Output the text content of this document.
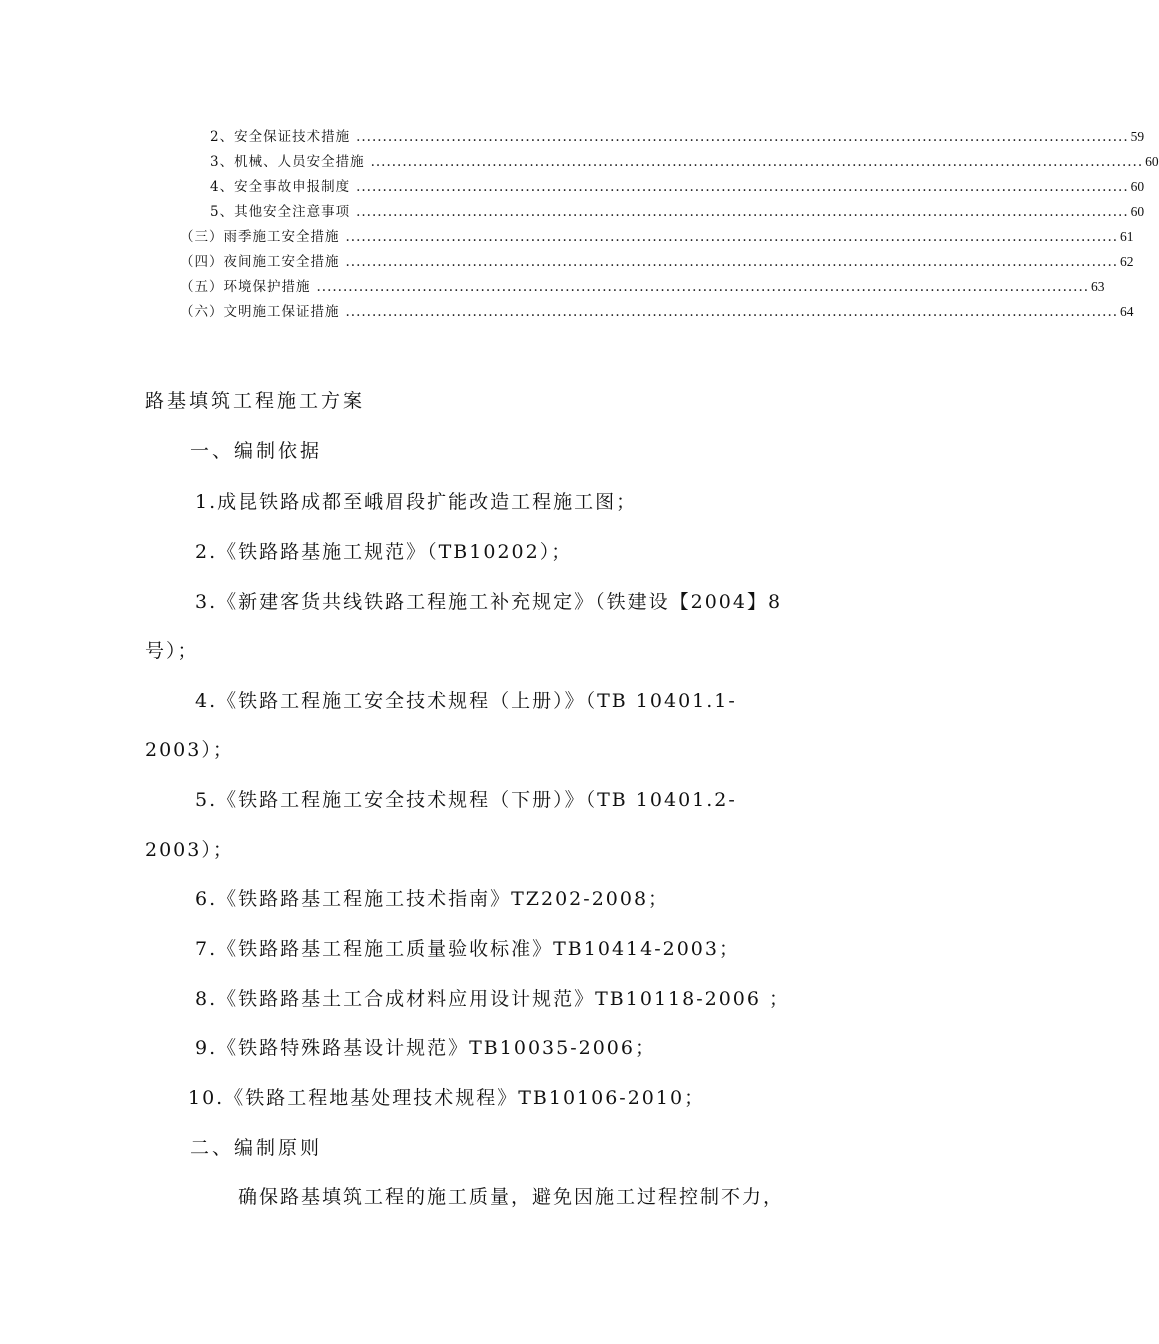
2、安全保证技术措施 .................................................................................................................................................. 59
3、机械、人员安全措施 .................................................................................................................................................. 60
4、安全事故申报制度 .................................................................................................................................................. 60
5、其他安全注意事项 .................................................................................................................................................. 60
（三）雨季施工安全措施 .................................................................................................................................................. 61
（四）夜间施工安全措施 .................................................................................................................................................. 62
（五）环境保护措施 .................................................................................................................................................. 63
（六）文明施工保证措施 .................................................................................................................................................. 64
路基填筑工程施工方案
一、编制依据
1.成昆铁路成都至峨眉段扩能改造工程施工图；
2.《铁路路基施工规范》（TB10202）；
3.《新建客货共线铁路工程施工补充规定》（铁建设【2004】8
号）；
4.《铁路工程施工安全技术规程（上册）》（TB 10401.1-
2003）；
5.《铁路工程施工安全技术规程（下册）》（TB 10401.2-
2003）；
6.《铁路路基工程施工技术指南》TZ202-2008；
7.《铁路路基工程施工质量验收标准》TB10414-2003；
8.《铁路路基土工合成材料应用设计规范》TB10118-2006 ；
9.《铁路特殊路基设计规范》TB10035-2006；
10.《铁路工程地基处理技术规程》TB10106-2010；
二、编制原则
确保路基填筑工程的施工质量，避免因施工过程控制不力，
